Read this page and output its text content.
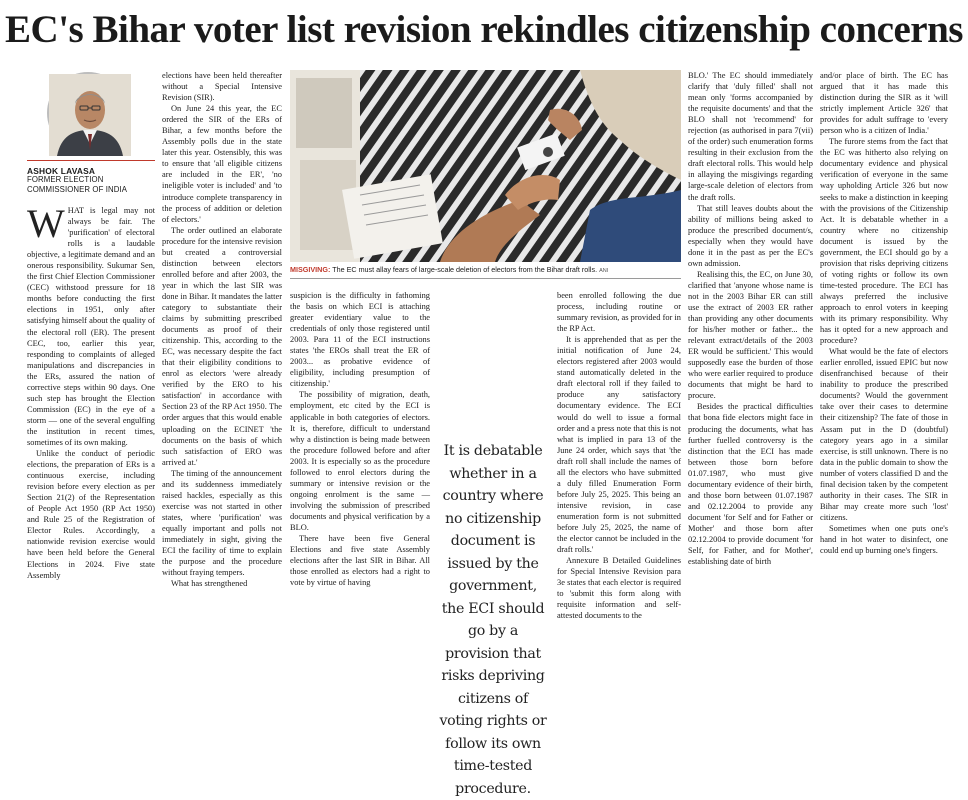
EC's Bihar voter list revision rekindles citizenship concerns
ASHOK LAVASA
FORMER ELECTION COMMISSIONER OF INDIA
MISGIVING: The EC must allay fears of large-scale deletion of electors from the Bihar draft rolls. ANI

WHAT is legal may not always be fair. The 'purification' of electoral rolls is a laudable objective, a legitimate demand and an onerous responsibility. Sukumar Sen, the first Chief Election Commissioner (CEC) withstood pressure for 18 months before conducting the first elections in 1951, only after satisfying himself about the quality of the electoral roll (ER). The present CEC, too, earlier this year, responding to complaints of alleged manipulations and discrepancies in the ERs, assured the nation of corrective steps within 90 days. One such step has brought the Election Commission (EC) in the eye of a storm — one of the several engulfing the institution in recent times, sometimes of its own making.

Unlike the conduct of periodic elections, the preparation of ERs is a continuous exercise, including revision before every election as per Section 21(2) of the Representation of People Act 1950 (RP Act 1950) and Rule 25 of the Registration of Elector Rules. Accordingly, a nationwide revision exercise would have been held before the General Elections in 2024. Five state Assembly

elections have been held thereafter without a Special Intensive Revision (SIR).

On June 24 this year, the EC ordered the SIR of the ERs of Bihar, a few months before the Assembly polls due in the state later this year. Ostensibly, this was to ensure that 'all eligible citizens are included in the ER', 'no ineligible voter is included' and 'to introduce complete transparency in the process of addition or deletion of electors.'

The order outlined an elaborate procedure for the intensive revision but created a controversial distinction between electors enrolled before and after 2003, the year in which the last SIR was done in Bihar. It mandates the latter category to substantiate their claims by submitting prescribed documents as proof of their citizenship. This, according to the EC, was necessary despite the fact that their eligibility conditions to enrol as electors 'were already verified by the ERO to his satisfaction' in accordance with Section 23 of the RP Act 1950. The order argues that this would enable uploading on the ECINET 'the documents on the basis of which such satisfaction of ERO was arrived at.'

The timing of the announcement and its suddenness immediately raised hackles, especially as this exercise was not started in other states, where 'purification' was equally important and polls not immediately in sight, giving the ECI the facility of time to explain the purpose and the procedure without fraying tempers.

What has strengthened

suspicion is the difficulty in fathoming the basis on which ECI is attaching greater evidentiary value to the credentials of only those registered until 2003. Para 11 of the ECI instructions states 'the EROs shall treat the ER of 2003... as probative evidence of eligibility, including presumption of citizenship.'

The possibility of migration, death, employment, etc cited by the ECI is applicable in both categories of electors. It is, therefore, difficult to understand why a distinction is being made between the procedure followed before and after 2003. It is especially so as the procedure followed to enrol electors during the summary or intensive revision or the ongoing enrolment is the same — involving the submission of prescribed documents and physical verification by a BLO.

There have been five General Elections and five state Assembly elections after the last SIR in Bihar. All those enrolled as electors had a right to vote by virtue of having

It is debatable whether in a country where no citizenship document is issued by the government, the ECI should go by a provision that risks depriving citizens of voting rights or follow its own time-tested procedure.

been enrolled following the due process, including routine or summary revision, as provided for in the RP Act.

It is apprehended that as per the initial notification of June 24, electors registered after 2003 would stand automatically deleted in the draft electoral roll if they failed to produce any satisfactory documentary evidence. The ECI would do well to issue a formal order and a press note that this is not what is implied in para 13 of the June 24 order, which says that 'the draft roll shall include the names of all the electors who have submitted a duly filled Enumeration Form before July 25, 2025. This being an intensive revision, in case enumeration form is not submitted before July 25, 2025, the name of the elector cannot be included in the draft rolls.'

Annexure B Detailed Guidelines for Special Intensive Revision para 3e states that each elector is required to 'submit this form along with requisite information and self-attested documents to the

BLO.' The EC should immediately clarify that 'duly filled' shall not mean only 'forms accompanied by the requisite documents' and that the BLO shall not 'recommend' for rejection (as authorised in para 7(vii) of the order) such enumeration forms resulting in their exclusion from the draft electoral rolls. This would help in allaying the misgivings regarding large-scale deletion of electors from the draft rolls.

That still leaves doubts about the ability of millions being asked to produce the prescribed document/s, especially when they would have done it in the past as per the EC's own admission.

Realising this, the EC, on June 30, clarified that 'anyone whose name is not in the 2003 Bihar ER can still use the extract of 2003 ER rather than providing any other documents for his/her mother or father... the relevant extract/details of the 2003 ER would be sufficient.' This would supposedly ease the burden of those who were earlier required to produce documents that might be hard to procure.

Besides the practical difficulties that bona fide electors might face in producing the documents, what has further fuelled controversy is the distinction that the ECI has made between those born before 01.07.1987, who must give documentary evidence of their birth, and those born between 01.07.1987 and 02.12.2004 to provide any document 'for Self and for Father or Mother' and those born after 02.12.2004 to provide document 'for Self, for Father, and for Mother', establishing date of birth

and/or place of birth. The EC has argued that it has made this distinction during the SIR as it 'will strictly implement Article 326' that provides for adult suffrage to 'every person who is a citizen of India.'

The furore stems from the fact that the EC was hitherto also relying on documentary evidence and physical verification of everyone in the same way upholding Article 326 but now seeks to make a distinction in keeping with the provisions of the Citizenship Act. It is debatable whether in a country where no citizenship document is issued by the government, the ECI should go by a provision that risks depriving citizens of voting rights or follow its own time-tested procedure. The ECI has always preferred the inclusive approach to enrol voters in keeping with its primary responsibility. Why has it opted for a new approach and procedure?

What would be the fate of electors earlier enrolled, issued EPIC but now disenfranchised because of their inability to produce the prescribed documents? Would the government take over their cases to determine their citizenship? The fate of those in Assam put in the D (doubtful) category years ago in a similar exercise, is still unknown. There is no data in the public domain to show the number of voters classified D and the final decision taken by the competent authority in their cases. The SIR in Bihar may create more such 'lost' citizens.

Sometimes when one puts one's hand in hot water to disinfect, one could end up burning one's fingers.
